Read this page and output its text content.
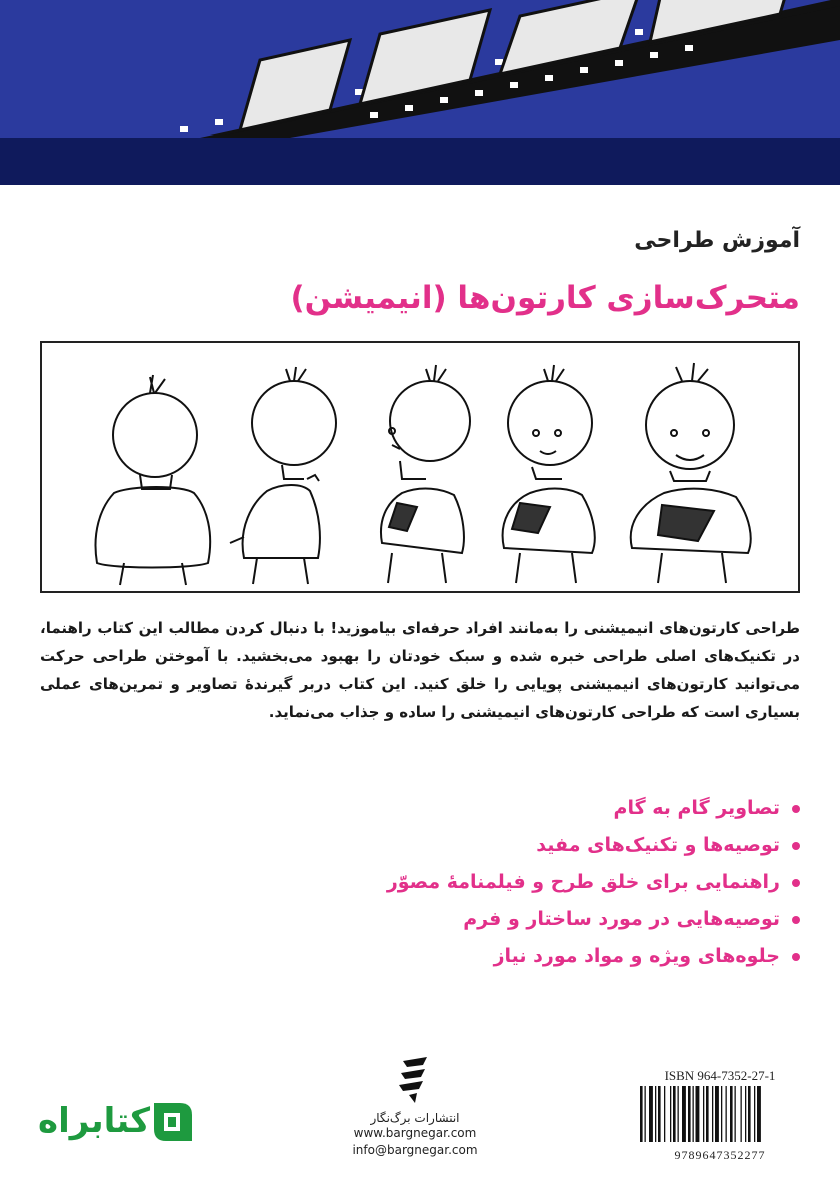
آموزش طراحی
متحرک‌سازی کارتون‌ها (انیمیشن)

طراحی کارتون‌های انیمیشنی را به‌مانند افراد حرفه‌ای بیاموزید! با دنبال کردن مطالب این کتاب راهنما، در تکنیک‌های اصلی طراحی خبره شده و سبک خودتان را بهبود می‌بخشید. با آموختن طراحی حرکت می‌توانید کارتون‌های انیمیشنی پویایی را خلق کنید. این کتاب دربر گیرندهٔ تصاویر و تمرین‌های عملی بسیاری است که طراحی کارتون‌های انیمیشنی را ساده و جذاب می‌نماید.

تصاویر گام به گام
توصیه‌ها و تکنیک‌های مفید
راهنمایی برای خلق طرح و فیلمنامهٔ مصوّر
توصیه‌هایی در مورد ساختار و فرم
جلوه‌های ویژه و مواد مورد نیاز
انتشارات برگ‌نگار
www.bargnegar.com
info@bargnegar.com
کتابراه
ISBN 964-7352-27-1
9789647352277
